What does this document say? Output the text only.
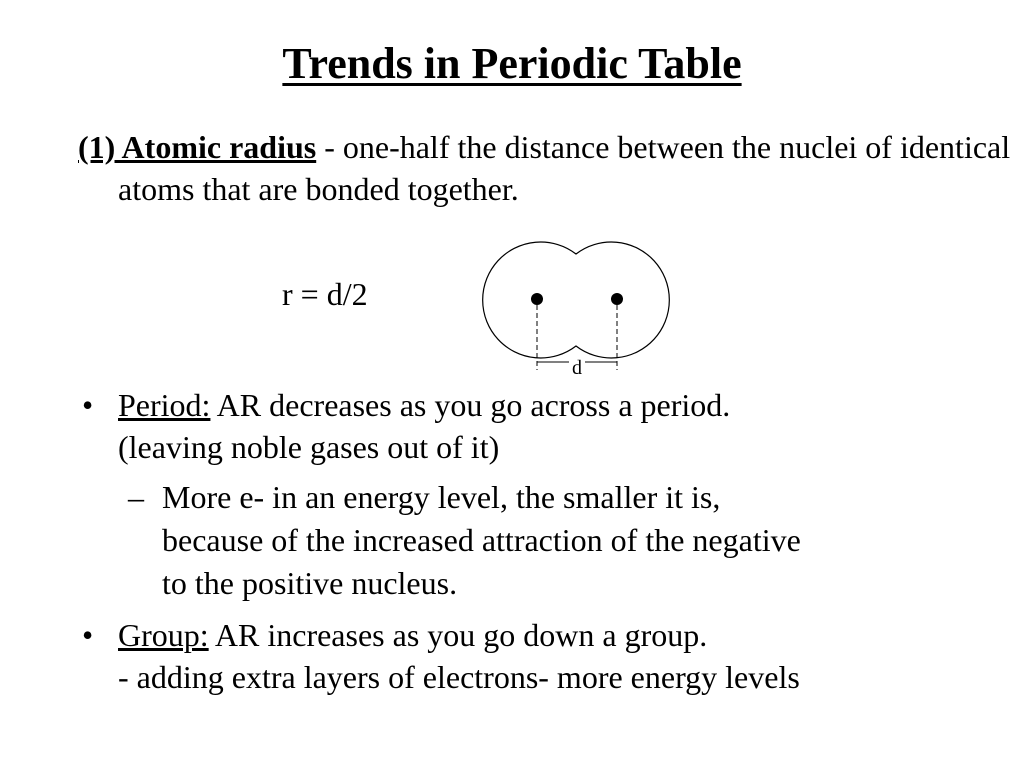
Trends in Periodic Table
(1) Atomic radius - one-half the distance between the nuclei of identical atoms that are bonded together.
r = d/2
d
• Period: AR decreases as you go across a period.
(leaving noble gases out of it)
– More e- in an energy level, the smaller it is,
because of the increased attraction of the negative
to the positive nucleus.
• Group: AR increases as you go down a group.
- adding extra layers of electrons- more energy levels
